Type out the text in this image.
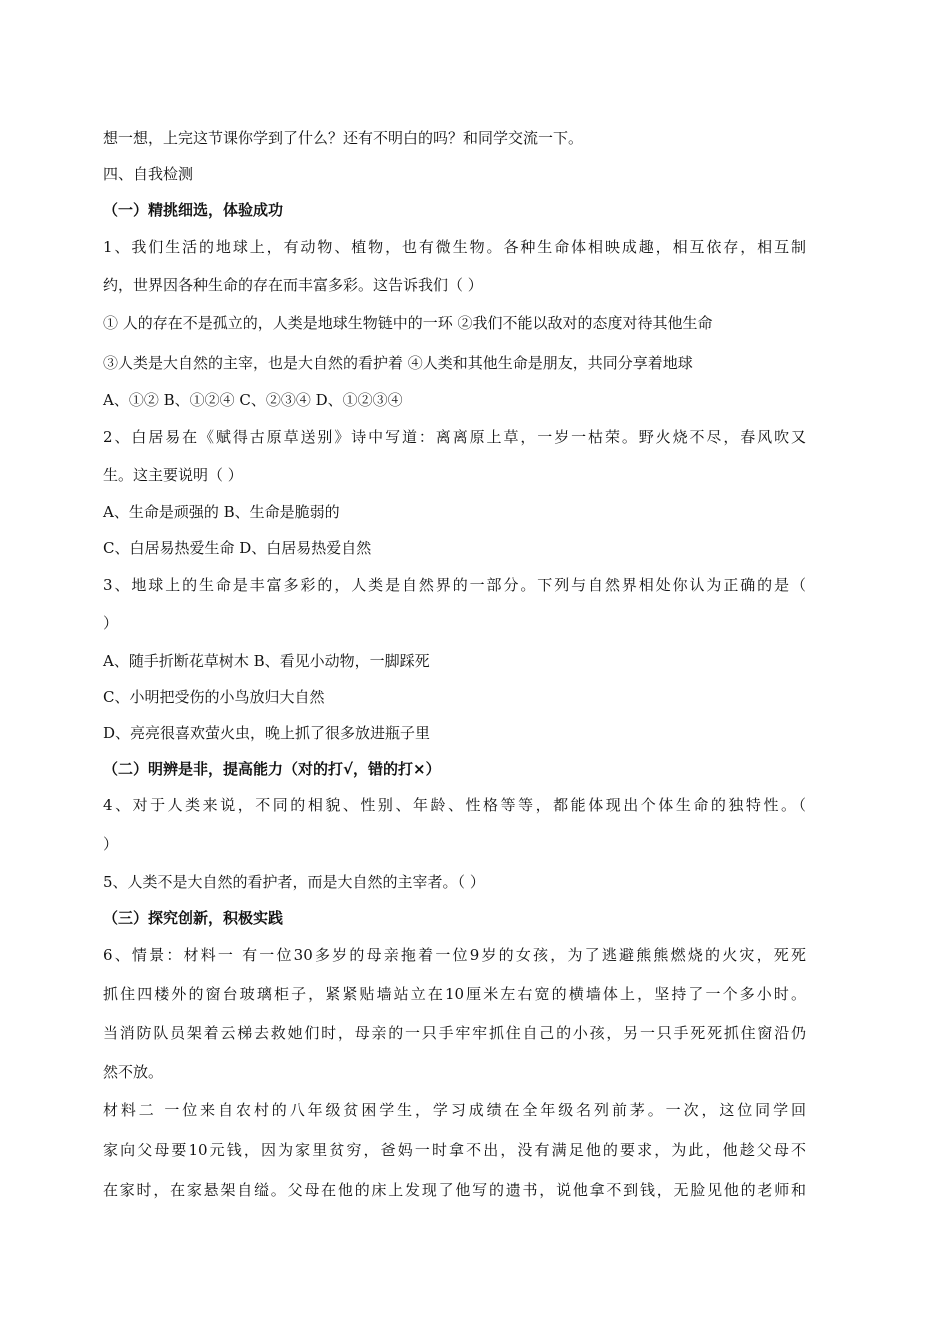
想一想，上完这节课你学到了什么？还有不明白的吗？和同学交流一下。
四、自我检测
（一）精挑细选，体验成功
1、我们生活的地球上，有动物、植物，也有微生物。各种生命体相映成趣，相互依存，相互制
约，世界因各种生命的存在而丰富多彩。这告诉我们（ ）
① 人的存在不是孤立的，人类是地球生物链中的一环 ②我们不能以敌对的态度对待其他生命
③人类是大自然的主宰，也是大自然的看护着 ④人类和其他生命是朋友，共同分享着地球
A、①② B、①②④ C、②③④ D、①②③④
2、白居易在《赋得古原草送别》诗中写道：离离原上草，一岁一枯荣。野火烧不尽，春风吹又
生。这主要说明（ ）
A、生命是顽强的 B、生命是脆弱的
C、白居易热爱生命 D、白居易热爱自然
3、地球上的生命是丰富多彩的，人类是自然界的一部分。下列与自然界相处你认为正确的是（
）
A、随手折断花草树木 B、看见小动物，一脚踩死
C、小明把受伤的小鸟放归大自然
D、亮亮很喜欢萤火虫，晚上抓了很多放进瓶子里
（二）明辨是非，提高能力（对的打√，错的打×）
4、对于人类来说，不同的相貌、性别、年龄、性格等等，都能体现出个体生命的独特性。（
）
5、人类不是大自然的看护者，而是大自然的主宰者。（ ）
（三）探究创新，积极实践
6、情景：材料一 有一位30多岁的母亲拖着一位9岁的女孩，为了逃避熊熊燃烧的火灾，死死
抓住四楼外的窗台玻璃柜子，紧紧贴墙站立在10厘米左右宽的横墙体上，坚持了一个多小时。
当消防队员架着云梯去救她们时，母亲的一只手牢牢抓住自己的小孩，另一只手死死抓住窗沿仍
然不放。
材料二 一位来自农村的八年级贫困学生，学习成绩在全年级名列前茅。一次，这位同学回
家向父母要10元钱，因为家里贫穷，爸妈一时拿不出，没有满足他的要求，为此，他趁父母不
在家时，在家悬架自缢。父母在他的床上发现了他写的遗书，说他拿不到钱，无脸见他的老师和
